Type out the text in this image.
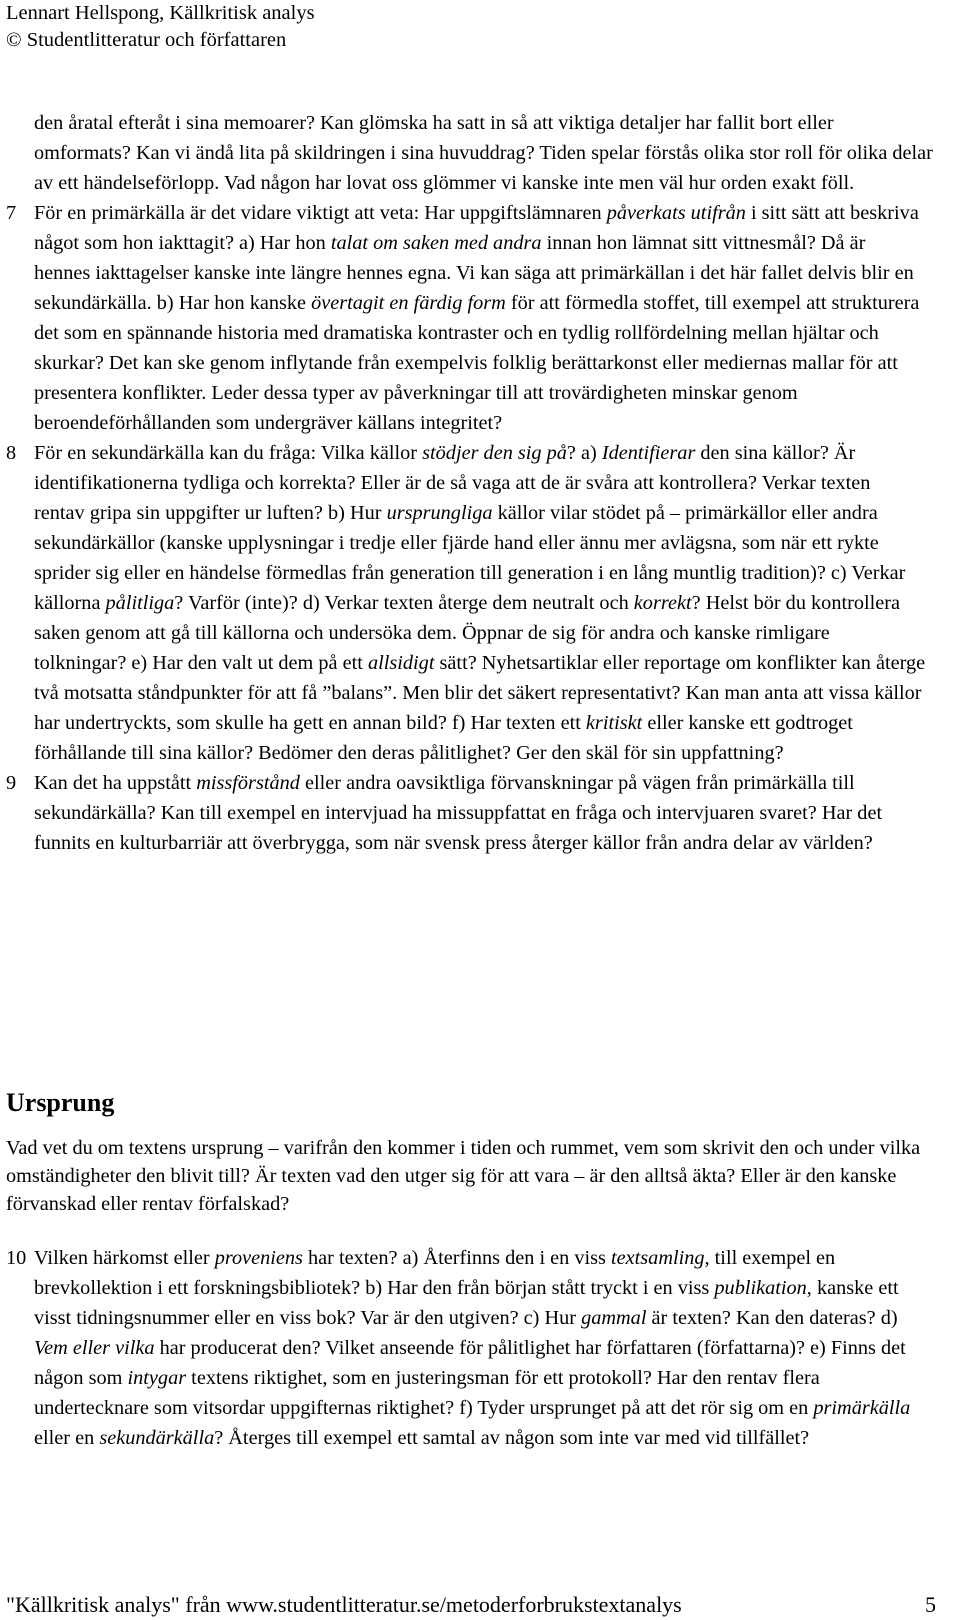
Lennart Hellspong, Källkritisk analys
© Studentlitteratur och författaren

den åratal efteråt i sina memoarer? Kan glömska ha satt in så att viktiga detaljer har fallit bort eller omformats? Kan vi ändå lita på skildringen i sina huvuddrag? Tiden spelar förstås olika stor roll för olika delar av ett händelseförlopp. Vad någon har lovat oss glömmer vi kanske inte men väl hur orden exakt föll.

7 För en primärkälla är det vidare viktigt att veta: Har uppgiftslämnaren påverkats utifrån i sitt sätt att beskriva något som hon iakttagit? a) Har hon talat om saken med andra innan hon lämnat sitt vittnesmål? Då är hennes iakttagelser kanske inte längre hennes egna. Vi kan säga att primärkällan i det här fallet delvis blir en sekundärkälla. b) Har hon kanske övertagit en färdig form för att förmedla stoffet, till exempel att strukturera det som en spännande historia med dramatiska kontraster och en tydlig rollfördelning mellan hjältar och skurkar? Det kan ske genom inflytande från exempelvis folklig berättarkonst eller mediernas mallar för att presentera konflikter. Leder dessa typer av påverkningar till att trovärdigheten minskar genom beroendeförhållanden som undergräver källans integritet?
8 För en sekundärkälla kan du fråga: Vilka källor stödjer den sig på? a) Identifierar den sina källor? Är identifikationerna tydliga och korrekta? Eller är de så vaga att de är svåra att kontrollera? Verkar texten rentav gripa sin uppgifter ur luften? b) Hur ursprungliga källor vilar stödet på – primärkällor eller andra sekundärkällor (kanske upplysningar i tredje eller fjärde hand eller ännu mer avlägsna, som när ett rykte sprider sig eller en händelse förmedlas från generation till generation i en lång muntlig tradition)? c) Verkar källorna pålitliga? Varför (inte)? d) Verkar texten återge dem neutralt och korrekt? Helst bör du kontrollera saken genom att gå till källorna och undersöka dem. Öppnar de sig för andra och kanske rimligare tolkningar? e) Har den valt ut dem på ett allsidigt sätt? Nyhetsartiklar eller reportage om konflikter kan återge två motsatta ståndpunkter för att få ”balans”. Men blir det säkert representativt? Kan man anta att vissa källor har undertryckts, som skulle ha gett en annan bild? f) Har texten ett kritiskt eller kanske ett godtroget förhållande till sina källor? Bedömer den deras pålitlighet? Ger den skäl för sin uppfattning?
9 Kan det ha uppstått missförstånd eller andra oavsiktliga förvanskningar på vägen från primärkälla till sekundärkälla? Kan till exempel en intervjuad ha missuppfattat en fråga och intervjuaren svaret? Har det funnits en kulturbarriär att överbrygga, som när svensk press återger källor från andra delar av världen?
Ursprung

Vad vet du om textens ursprung – varifrån den kommer i tiden och rummet, vem som skrivit den och under vilka omständigheter den blivit till? Är texten vad den utger sig för att vara – är den alltså äkta? Eller är den kanske förvanskad eller rentav förfalskad?

10 Vilken härkomst eller proveniens har texten? a) Återfinns den i en viss textsamling, till exempel en brevkollektion i ett forskningsbibliotek? b) Har den från början stått tryckt i en viss publikation, kanske ett visst tidningsnummer eller en viss bok? Var är den utgiven? c) Hur gammal är texten? Kan den dateras? d) Vem eller vilka har producerat den? Vilket anseende för pålitlighet har författaren (författarna)? e) Finns det någon som intygar textens riktighet, som en justeringsman för ett protokoll? Har den rentav flera undertecknare som vitsordar uppgifternas riktighet? f) Tyder ursprunget på att det rör sig om en primärkälla eller en sekundärkälla? Återges till exempel ett samtal av någon som inte var med vid tillfället?
"Källkritisk analys" från www.studentlitteratur.se/metoderforbrukstextanalys	5
